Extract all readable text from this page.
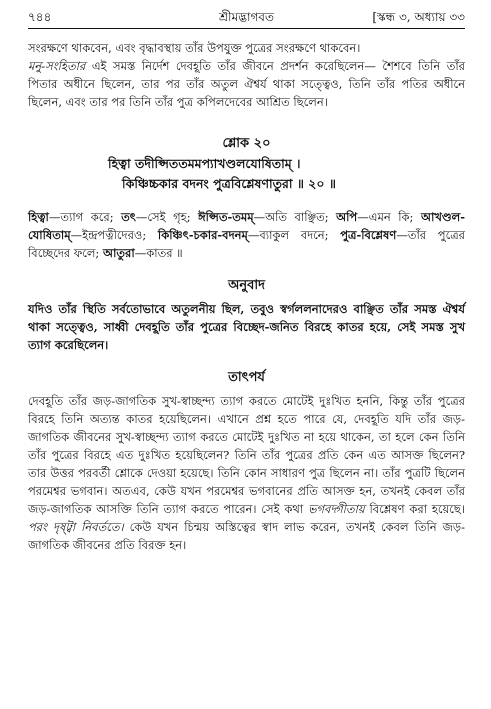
৭৪৪	শ্রীমদ্ভাগবত	[স্কন্ধ ৩, অধ্যায় ৩৩

সংরক্ষণে থাকবেন, এবং বৃদ্ধাবস্থায় তাঁর উপযুক্ত পুত্রের সংরক্ষণে থাকবেন।
মনু-সংহিতার এই সমস্ত নির্দেশ দেবহূতি তাঁর জীবনে প্রদর্শন করেছিলেন— শৈশবে তিনি তাঁর পিতার অধীনে ছিলেন, তার পর তাঁর অতুল ঐশ্বর্য থাকা সত্ত্বেও, তিনি তাঁর পতির অধীনে ছিলেন, এবং তার পর তিনি তাঁর পুত্র কপিলদেবের আশ্রিত ছিলেন।

শ্লোক ২০
হিত্বা তদীপ্সিততমমপ্যাখণ্ডলযোষিতাম্ ।
কিঞ্চিচ্চকার বদনং পুত্রবিশ্লেষণাতুরা ॥ ২০ ॥

হিত্বা—ত্যাগ করে; তৎ—সেই গৃহ; ঈপ্সিত-তমম্—অতি বাঞ্ছিত; অপি—এমন কি; আখণ্ডল-যোষিতাম্—ইন্দ্রপত্নীদেরও; কিঞ্চিৎ-চকার-বদনম্—ব্যাকুল বদনে; পুত্র-বিশ্লেষণ—তাঁর পুত্রের বিচ্ছেদের ফলে; আতুরা—কাতর ॥

অনুবাদ

যদিও তাঁর স্থিতি সর্বতোভাবে অতুলনীয় ছিল, তবুও স্বর্গললনাদেরও বাঞ্ছিত তাঁর সমস্ত ঐশ্বর্য থাকা সত্ত্বেও, সাধ্বী দেবহূতি তাঁর পুত্রের বিচ্ছেদ-জনিত বিরহে কাতর হয়ে, সেই সমস্ত সুখ ত্যাগ করেছিলেন।

তাৎপর্য

দেবহূতি তাঁর জড়-জাগতিক সুখ-স্বাচ্ছন্দ্য ত্যাগ করতে মোটেই দুঃখিত হননি, কিন্তু তাঁর পুত্রের বিরহে তিনি অত্যন্ত কাতর হয়েছিলেন। এখানে প্রশ্ন হতে পারে যে, দেবহূতি যদি তাঁর জড়-জাগতিক জীবনের সুখ-স্বাচ্ছন্দ্য ত্যাগ করতে মোটেই দুঃখিত না হয়ে থাকেন, তা হলে কেন তিনি তাঁর পুত্রের বিরহে এত দুঃখিত হয়েছিলেন? তিনি তাঁর পুত্রের প্রতি কেন এত আসক্ত ছিলেন? তার উত্তর পরবর্তী শ্লোকে দেওয়া হয়েছে। তিনি কোন সাধারণ পুত্র ছিলেন না। তাঁর পুত্রটি ছিলেন পরমেশ্বর ভগবান। অতএব, কেউ যখন পরমেশ্বর ভগবানের প্রতি আসক্ত হন, তখনই কেবল তাঁর জড়-জাগতিক আসক্তি তিনি ত্যাগ করতে পারেন। সেই কথা ভগবদ্গীতায় বিশ্লেষণ করা হয়েছে। পরং দৃষ্ট্বা নিবর্ততে। কেউ যখন চিন্ময় অস্তিত্বের স্বাদ লাভ করেন, তখনই কেবল তিনি জড়-জাগতিক জীবনের প্রতি বিরক্ত হন।
